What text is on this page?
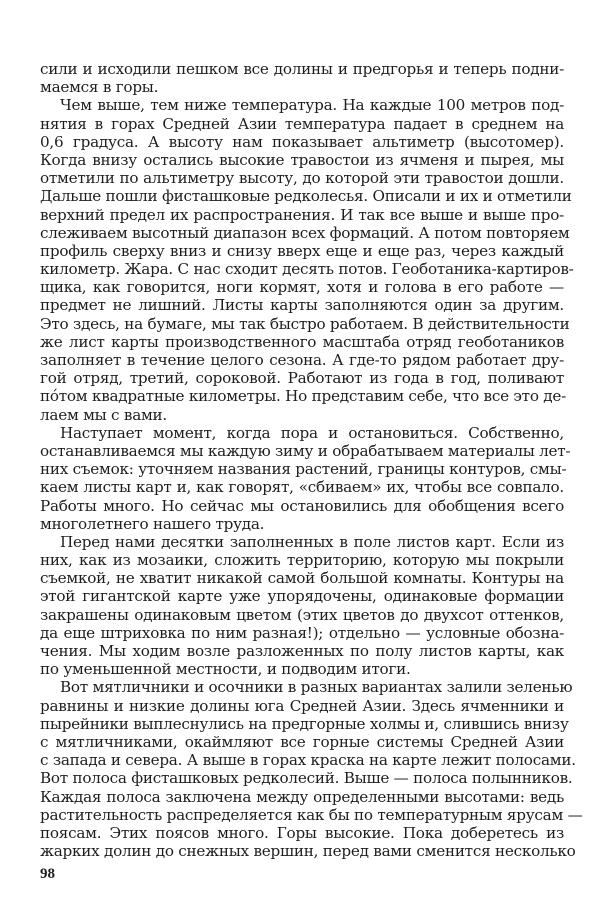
сили и исходили пешком все долины и предгорья и теперь подни-
маемся в горы.
Чем выше, тем ниже температура. На каждые 100 метров под-
нятия в горах Средней Азии температура падает в среднем на
0,6 градуса. А высоту нам показывает альтиметр (высотомер).
Когда внизу остались высокие травостои из ячменя и пырея, мы
отметили по альтиметру высоту, до которой эти травостои дошли.
Дальше пошли фисташковые редколесья. Описали и их и отметили
верхний предел их распространения. И так все выше и выше про-
слеживаем высотный диапазон всех формаций. А потом повторяем
профиль сверху вниз и снизу вверх еще и еще раз, через каждый
километр. Жара. С нас сходит десять потов. Геоботаника-картиров-
щика, как говорится, ноги кормят, хотя и голова в его работе —
предмет не лишний. Листы карты заполняются один за другим.
Это здесь, на бумаге, мы так быстро работаем. В действительности
же лист карты производственного масштаба отряд геоботаников
заполняет в течение целого сезона. А где-то рядом работает дру-
гой отряд, третий, сороковой. Работают из года в год, поливают
пóтом квадратные километры. Но представим себе, что все это де-
лаем мы с вами.
Наступает момент, когда пора и остановиться. Собственно,
останавливаемся мы каждую зиму и обрабатываем материалы лет-
них съемок: уточняем названия растений, границы контуров, смы-
каем листы карт и, как говорят, «сбиваем» их, чтобы все совпало.
Работы много. Но сейчас мы остановились для обобщения всего
многолетнего нашего труда.
Перед нами десятки заполненных в поле листов карт. Если из
них, как из мозаики, сложить территорию, которую мы покрыли
съемкой, не хватит никакой самой большой комнаты. Контуры на
этой гигантской карте уже упорядочены, одинаковые формации
закрашены одинаковым цветом (этих цветов до двухсот оттенков,
да еще штриховка по ним разная!); отдельно — условные обозна-
чения. Мы ходим возле разложенных по полу листов карты, как
по уменьшенной местности, и подводим итоги.
Вот мятличники и осочники в разных вариантах залили зеленью
равнины и низкие долины юга Средней Азии. Здесь ячменники и
пырейники выплеснулись на предгорные холмы и, слившись внизу
с мятличниками, окаймляют все горные системы Средней Азии
с запада и севера. А выше в горах краска на карте лежит полосами.
Вот полоса фисташковых редколесий. Выше — полоса полынников.
Каждая полоса заключена между определенными высотами: ведь
растительность распределяется как бы по температурным ярусам —
поясам. Этих поясов много. Горы высокие. Пока доберетесь из
жарких долин до снежных вершин, перед вами сменится несколько
98
